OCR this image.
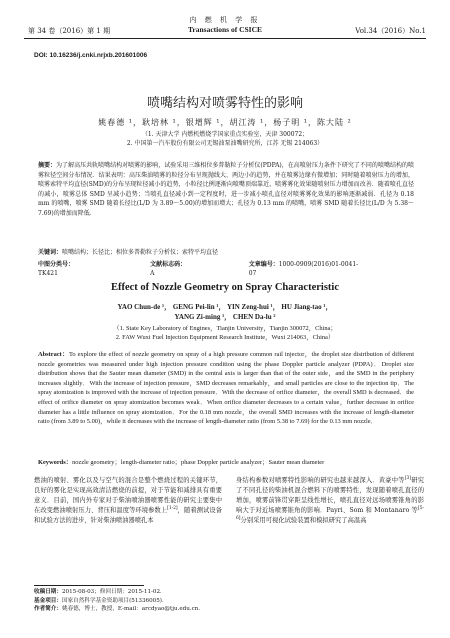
第 34 卷（2016）第 1 期
内 燃 机 学 报
Transactions of CSICE	Vol.34（2016）No.1
DOI: 10.16236/j.cnki.nrjxb.201601006
喷嘴结构对喷雾特性的影响
姚春德 ¹，耿培林 ¹，银增辉 ¹，胡江涛 ¹，杨子明 ¹，陈大陆 ²
（1. 天津大学 内燃机燃烧学国家重点实验室，天津 300072；
2. 中国第一汽车股份有限公司无锡油泵油嘴研究所，江苏 无锡 214063）
摘要：为了解高压共轨喷嘴结构对喷雾的影响，试验采用三维相位多普勒粒子分析仪(PDPA)，在高喷射压力条件下研究了不同的喷嘴结构的喷雾粒径空间分布情况．结果表明：高压柴油喷雾的粒径分布呈现抛线大、两边小的趋势，并在喷雾边缘有微增加；同时随着喷射压力的增加，喷雾索特平均直径(SMD)的分布呈现粒径减小的趋势，小粒径比例逐渐向喷嘴顶端靠近，喷雾雾化效果随喷射压力增加而改善．随着喷孔直径的减小，喷雾总体 SMD 呈减小趋势；当喷孔直径减小到一定程度时，进一步减小喷孔直径对喷雾雾化效果的影响逐渐减弱．孔径为 0.18 mm 的喷嘴，喷雾 SMD 随着长径比(L/D 为 3.89～5.00)的增加而增大；孔径为 0.13 mm 的喷嘴，喷雾 SMD 随着长径比(L/D 为 5.38～7.69)的增加而降低．
关键词：喷嘴结构；长径比；相位多普勒粒子分析仪；索特平均直径
中图分类号：TK421
文献标志码：A
文章编号：1000-0909(2016)01-0041-07
Effect of Nozzle Geometry on Spray Characteristic
YAO Chun-de ¹， GENG Pei-lin ¹， YIN Zeng-hui ¹， HU Jiang-tao ¹，
YANG Zi-ming ¹， CHEN Da-lu ²
（1. State Key Laboratory of Engines，Tianjin University，Tianjin 300072，China；
2. FAW Wuxi Fuel Injection Equipment Research Institute，Wuxi 214063，China）
Abstract：To explore the effect of nozzle geometry on spray of a high pressure common rail injector，the droplet size distribution of different nozzle geometries was measured under high injection pressure condition using the phase Doppler particle analyzer (PDPA)．Droplet size distribution shows that the Sauter mean diameter (SMD) in the central axis is larger than that of the outer side，and the SMD in the periphery increases slightly．With the increase of injection pressure，SMD decreases remarkably，and small particles are close to the injection tip．The spray atomization is improved with the increase of injection pressure．With the decrease of orifice diameter，the overall SMD is decreased．the effect of orifice diameter on spray atomization becomes weak．When orifice diameter decreases to a certain value，further decrease in orifice diameter has a little influence on spray atomization．For the 0.18 mm nozzle，the overall SMD increases with the increase of length-diameter ratio (from 3.89 to 5.00)，while it decreases with the increase of length-diameter ratio (from 5.38 to 7.69) for the 0.13 mm nozzle．
Keywords：nozzle geometry；length-diameter ratio；phase Doppler particle analyzer；Sauter mean diameter
燃油的喷射、雾化以及与空气的混合是整个燃烧过程的关键环节，良好的雾化是实现高效清洁燃烧的前提，对于节能和减排具有重要意义．目前，国内外专家对于柴油喷油器喷雾性能的研究主要集中在改变燃油喷射压力、背压和温度等环境参数上[1-2]，随着测试设备和试验方法的进步，针对柴油喷油器喷孔本
身结构参数对喷雾特性影响的研究也越来越深入．黄豪中等[3]研究了不同孔径的柴油机混合燃料下的喷雾特性，发现随着喷孔直径的增加，喷雾前锋贯穿距呈线性增长，喷孔直径对远场喷雾锥角的影响大于对近场喷雾锥角的影响．Payri、Som 和 Montanaro 等[5-6]分别采用可视化试验装置和模拟研究了高温高
收稿日期：2015-08-03；修回日期：2015-11-02．
基金项目：国家自然科学基金资助项目(51336005)．
作者简介：姚春德，博士，教授，E-mail：arcdyao@tju.edu.cn．
